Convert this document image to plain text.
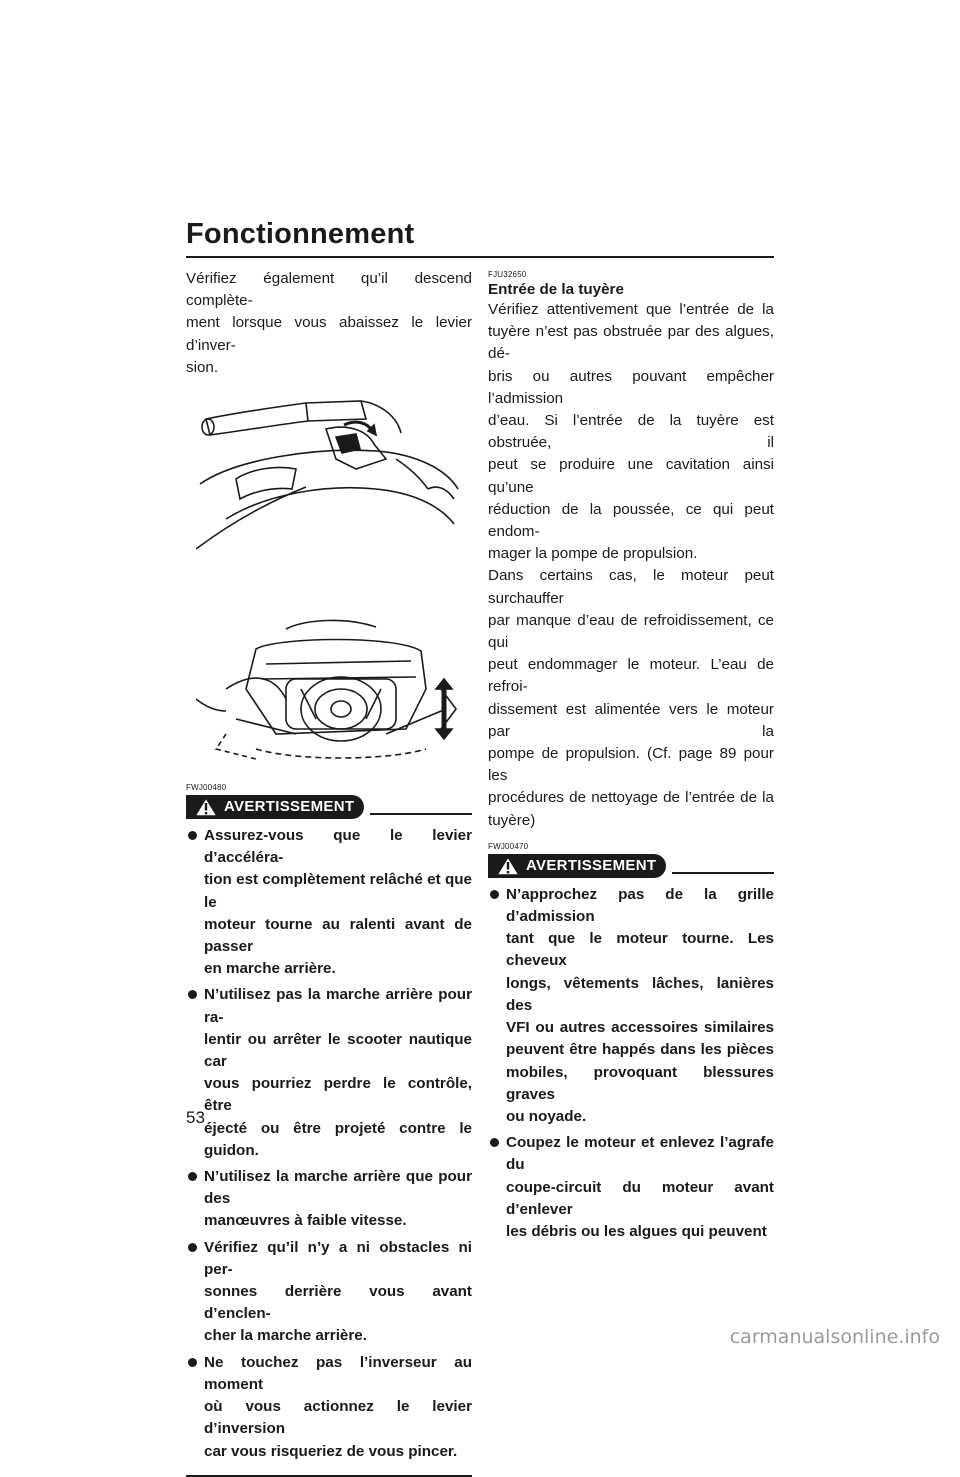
Fonctionnement

Vérifiez également qu’il descend complète-
ment lorsque vous abaissez le levier d’inver-
sion.

FWJ00480
AVERTISSEMENT
Assurez-vous que le levier d’accéléra-
tion est complètement relâché et que le
moteur tourne au ralenti avant de passer
en marche arrière.
N’utilisez pas la marche arrière pour ra-
lentir ou arrêter le scooter nautique car
vous pourriez perdre le contrôle, être
éjecté ou être projeté contre le guidon.
N’utilisez la marche arrière que pour des
manœuvres à faible vitesse.
Vérifiez qu’il n’y a ni obstacles ni per-
sonnes derrière vous avant d’enclen-
cher la marche arrière.
Ne touchez pas l’inverseur au moment
où vous actionnez le levier d’inversion
car vous risqueriez de vous pincer.
FJU32650
Entrée de la tuyère

Vérifiez attentivement que l’entrée de la
tuyère n’est pas obstruée par des algues, dé-
bris ou autres pouvant empêcher l’admission
d’eau. Si l’entrée de la tuyère est obstruée, il
peut se produire une cavitation ainsi qu’une
réduction de la poussée, ce qui peut endom-
mager la pompe de propulsion.

Dans certains cas, le moteur peut surchauffer
par manque d’eau de refroidissement, ce qui
peut endommager le moteur. L’eau de refroi-
dissement est alimentée vers le moteur par la
pompe de propulsion. (Cf. page 89 pour les
procédures de nettoyage de l’entrée de la
tuyère)

FWJ00470
AVERTISSEMENT
N’approchez pas de la grille d’admission
tant que le moteur tourne. Les cheveux
longs, vêtements lâches, lanières des
VFI ou autres accessoires similaires
peuvent être happés dans les pièces
mobiles, provoquant blessures graves
ou noyade.
Coupez le moteur et enlevez l’agrafe du
coupe-circuit du moteur avant d’enlever
les débris ou les algues qui peuvent
53
carmanualsonline.info
